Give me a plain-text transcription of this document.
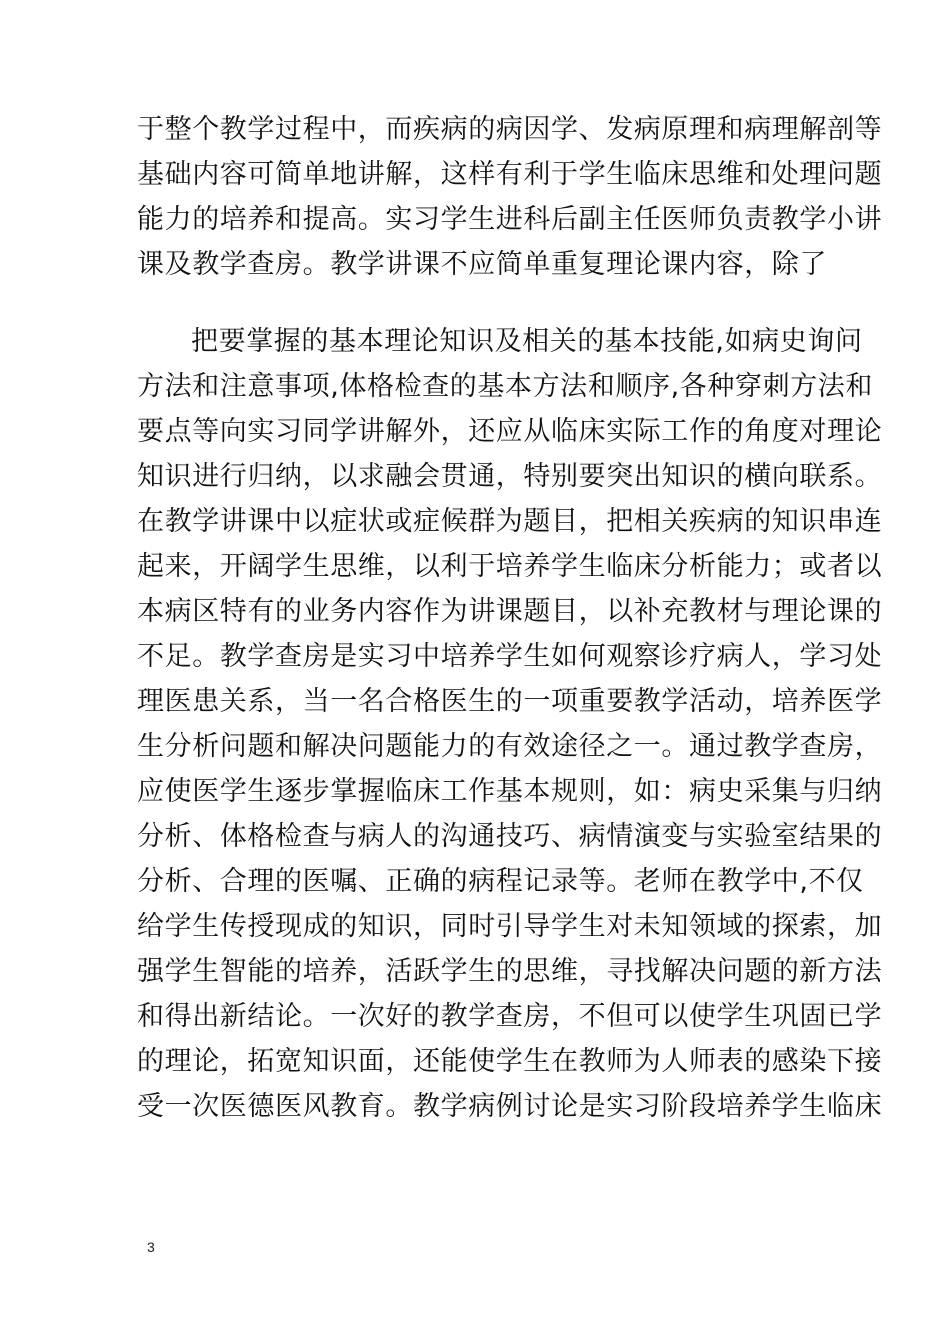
于整个教学过程中，而疾病的病因学、发病原理和病理解剖等
基础内容可简单地讲解，这样有利于学生临床思维和处理问题
能力的培养和提高。实习学生进科后副主任医师负责教学小讲
课及教学查房。教学讲课不应简单重复理论课内容，除了
把要掌握的基本理论知识及相关的基本技能,如病史询问
方法和注意事项,体格检查的基本方法和顺序,各种穿刺方法和
要点等向实习同学讲解外，还应从临床实际工作的角度对理论
知识进行归纳，以求融会贯通，特别要突出知识的横向联系。
在教学讲课中以症状或症候群为题目，把相关疾病的知识串连
起来，开阔学生思维，以利于培养学生临床分析能力；或者以
本病区特有的业务内容作为讲课题目，以补充教材与理论课的
不足。教学查房是实习中培养学生如何观察诊疗病人，学习处
理医患关系，当一名合格医生的一项重要教学活动，培养医学
生分析问题和解决问题能力的有效途径之一。通过教学查房，
应使医学生逐步掌握临床工作基本规则，如：病史采集与归纳
分析、体格检查与病人的沟通技巧、病情演变与实验室结果的
分析、合理的医嘱、正确的病程记录等。老师在教学中,不仅
给学生传授现成的知识，同时引导学生对未知领域的探索，加
强学生智能的培养，活跃学生的思维，寻找解决问题的新方法
和得出新结论。一次好的教学查房，不但可以使学生巩固已学
的理论，拓宽知识面，还能使学生在教师为人师表的感染下接
受一次医德医风教育。教学病例讨论是实习阶段培养学生临床
3
